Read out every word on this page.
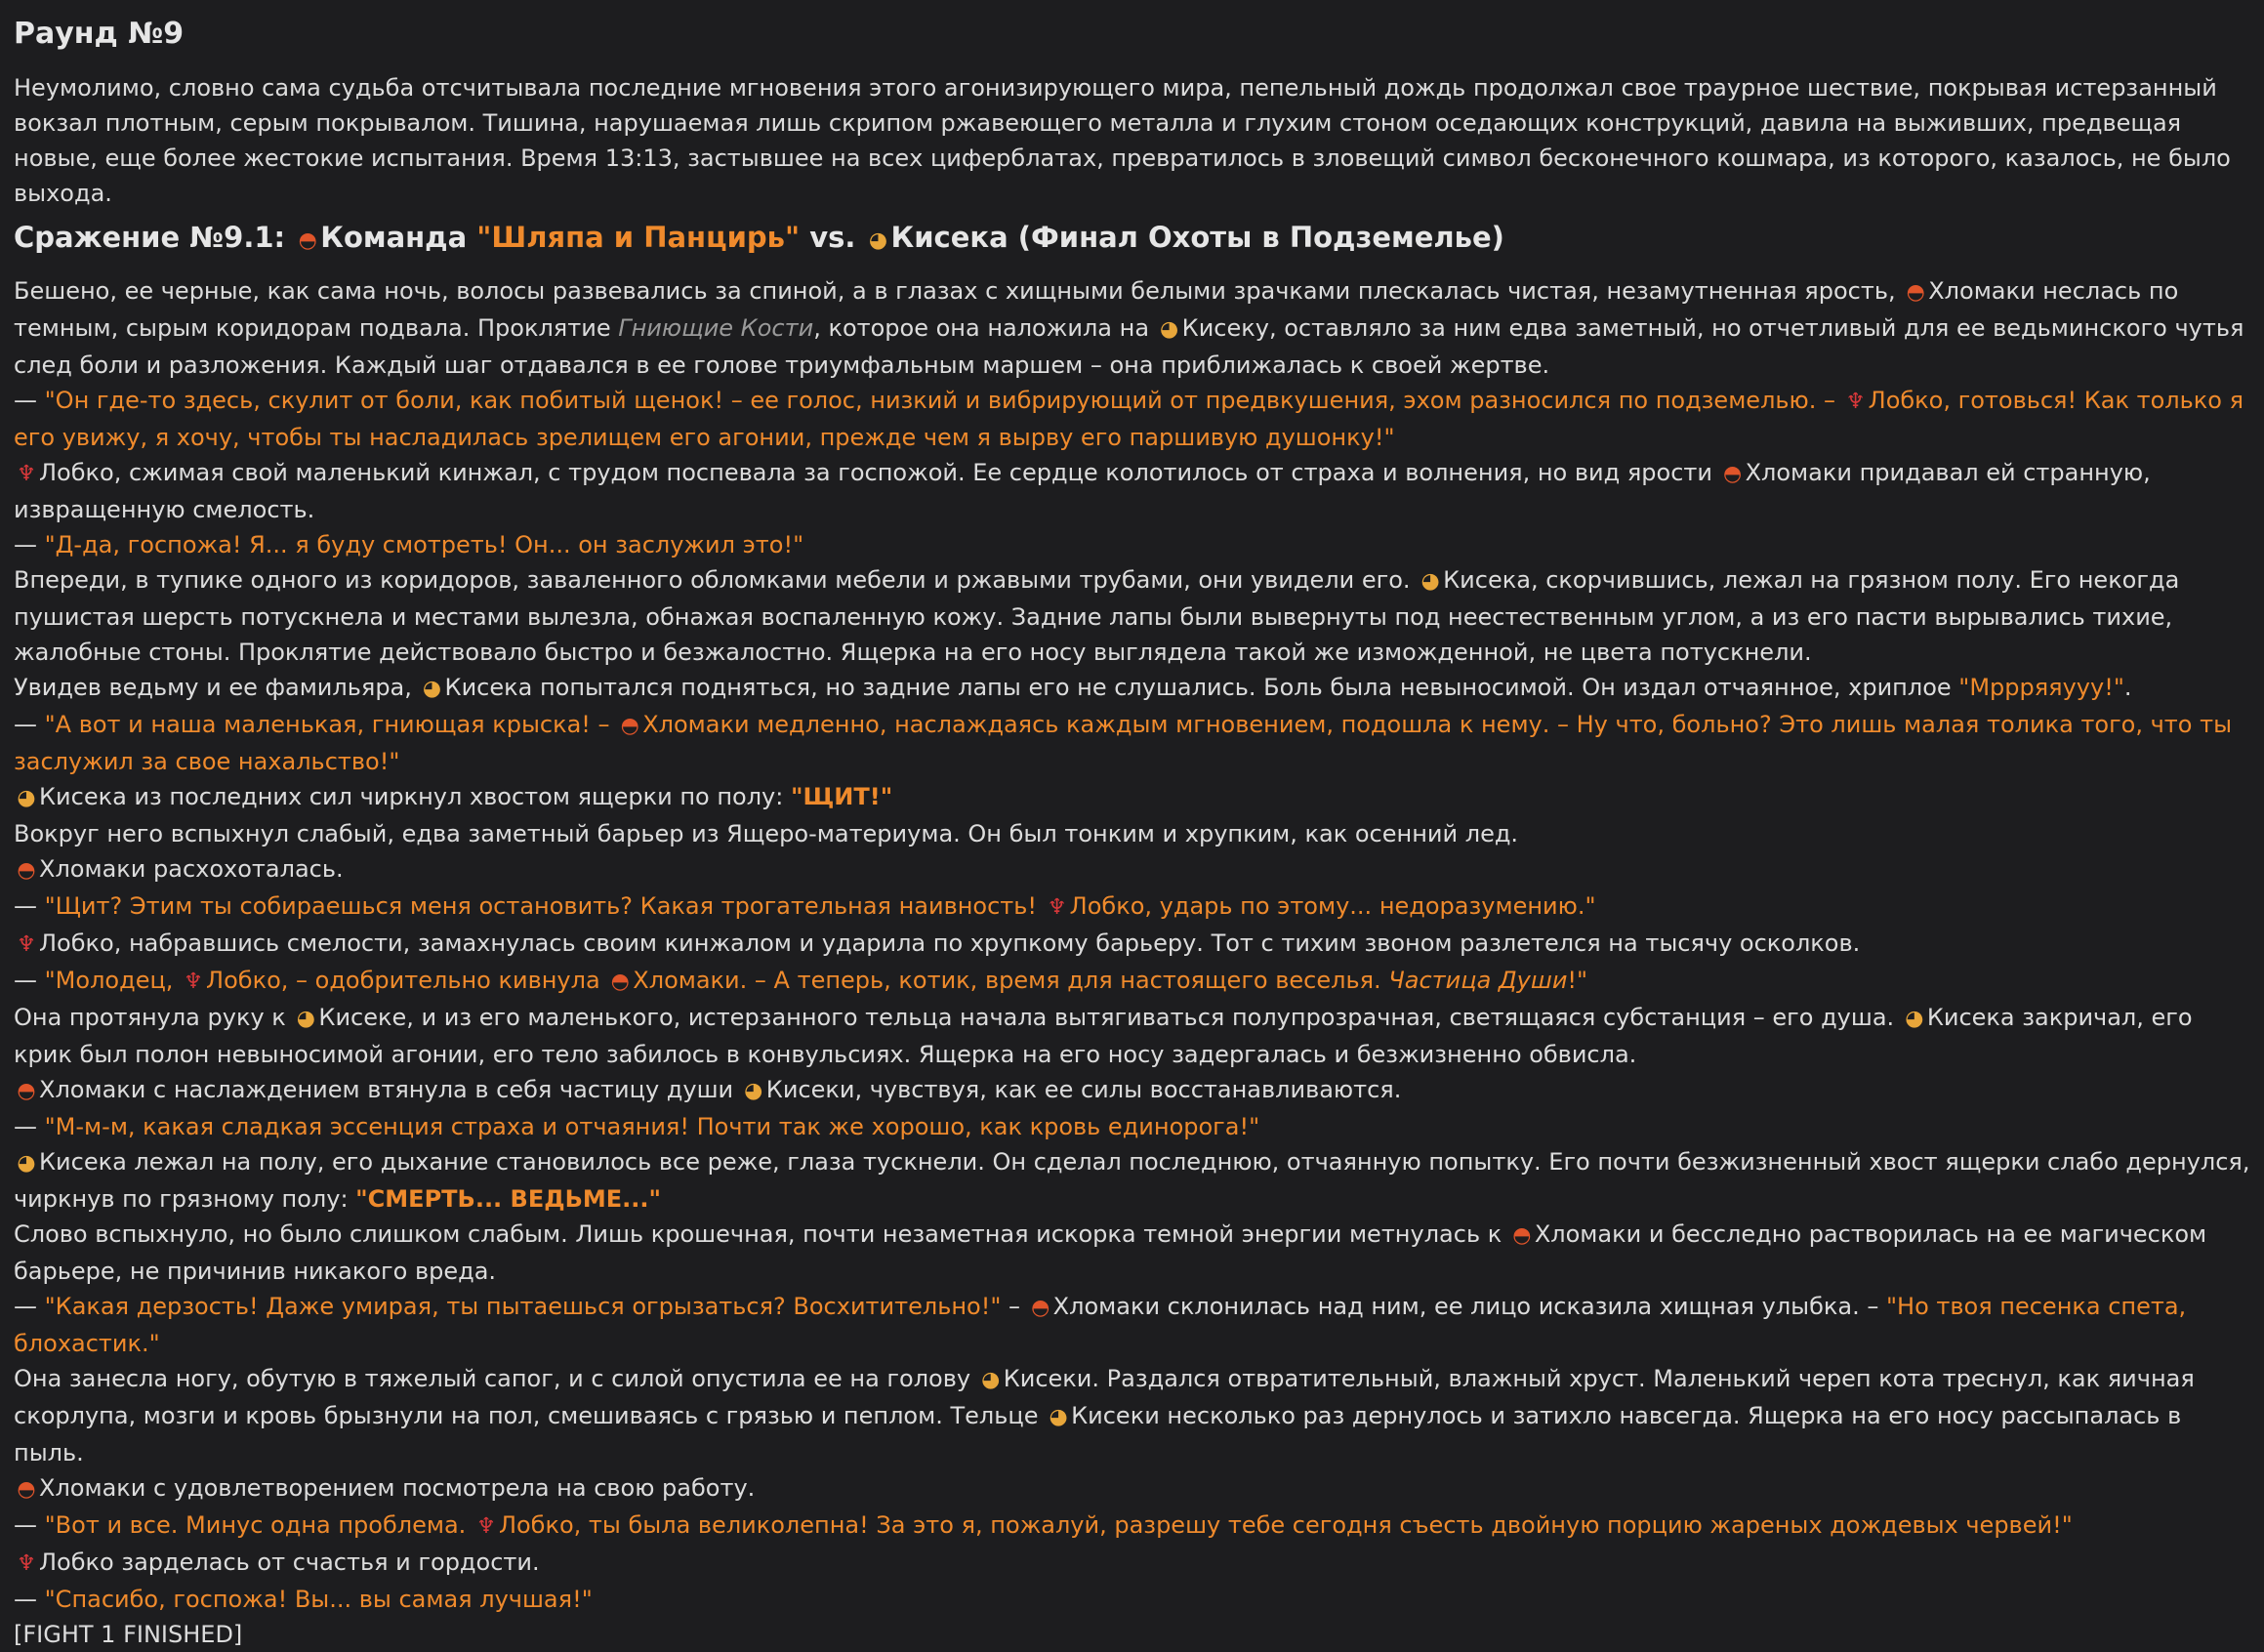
Раунд №9

Неумолимо, словно сама судьба отсчитывала последние мгновения этого агонизирующего мира, пепельный дождь продолжал свое траурное шествие, покрывая истерзанный вокзал плотным, серым покрывалом. Тишина, нарушаемая лишь скрипом ржавеющего металла и глухим стоном оседающих конструкций, давила на выживших, предвещая новые, еще более жестокие испытания. Время 13:13, застывшее на всех циферблатах, превратилось в зловещий символ бесконечного кошмара, из которого, казалось, не было выхода.

Сражение №9.1: ◓ Команда "Шляпа и Панцирь" vs. ◕ Кисека (Финал Охоты в Подземелье)

Бешено, ее черные, как сама ночь, волосы развевались за спиной, а в глазах с хищными белыми зрачками плескалась чистая, незамутненная ярость, ◓ Хломаки неслась по темным, сырым коридорам подвала. Проклятие Гниющие Кости, которое она наложила на ◕ Кисеку, оставляло за ним едва заметный, но отчетливый для ее ведьминского чутья след боли и разложения. Каждый шаг отдавался в ее голове триумфальным маршем – она приближалась к своей жертве.

— "Он где-то здесь, скулит от боли, как побитый щенок! – ее голос, низкий и вибрирующий от предвкушения, эхом разносился по подземелью. – ♆ Лобко, готовься! Как только я его увижу, я хочу, чтобы ты насладилась зрелищем его агонии, прежде чем я вырву его паршивую душонку!"

♆ Лобко, сжимая свой маленький кинжал, с трудом поспевала за госпожой. Ее сердце колотилось от страха и волнения, но вид ярости ◓ Хломаки придавал ей странную, извращенную смелость.

— "Д-да, госпожа! Я... я буду смотреть! Он... он заслужил это!"

Впереди, в тупике одного из коридоров, заваленного обломками мебели и ржавыми трубами, они увидели его. ◕ Кисека, скорчившись, лежал на грязном полу. Его некогда пушистая шерсть потускнела и местами вылезла, обнажая воспаленную кожу. Задние лапы были вывернуты под неестественным углом, а из его пасти вырывались тихие, жалобные стоны. Проклятие действовало быстро и безжалостно. Ящерка на его носу выглядела такой же изможденной, не цвета потускнели.

Увидев ведьму и ее фамильяра, ◕ Кисека попытался подняться, но задние лапы его не слушались. Боль была невыносимой. Он издал отчаянное, хриплое "Мррряяууу!".

— "А вот и наша маленькая, гниющая крыска! – ◓ Хломаки медленно, наслаждаясь каждым мгновением, подошла к нему. – Ну что, больно? Это лишь малая толика того, что ты заслужил за свое нахальство!"

◕ Кисека из последних сил чиркнул хвостом ящерки по полу: "ЩИТ!"

Вокруг него вспыхнул слабый, едва заметный барьер из Ящеро-материума. Он был тонким и хрупким, как осенний лед.

◓ Хломаки расхохоталась.

— "Щит? Этим ты собираешься меня остановить? Какая трогательная наивность! ♆ Лобко, ударь по этому... недоразумению."

♆ Лобко, набравшись смелости, замахнулась своим кинжалом и ударила по хрупкому барьеру. Тот с тихим звоном разлетелся на тысячу осколков.

— "Молодец, ♆ Лобко, – одобрительно кивнула ◓ Хломаки. – А теперь, котик, время для настоящего веселья. Частица Души!"

Она протянула руку к ◕ Кисеке, и из его маленького, истерзанного тельца начала вытягиваться полупрозрачная, светящаяся субстанция – его душа. ◕ Кисека закричал, его крик был полон невыносимой агонии, его тело забилось в конвульсиях. Ящерка на его носу задергалась и безжизненно обвисла.

◓ Хломаки с наслаждением втянула в себя частицу души ◕ Кисеки, чувствуя, как ее силы восстанавливаются.

— "М-м-м, какая сладкая эссенция страха и отчаяния! Почти так же хорошо, как кровь единорога!"

◕ Кисека лежал на полу, его дыхание становилось все реже, глаза тускнели. Он сделал последнюю, отчаянную попытку. Его почти безжизненный хвост ящерки слабо дернулся, чиркнув по грязному полу: "СМЕРТЬ... ВЕДЬМЕ..."

Слово вспыхнуло, но было слишком слабым. Лишь крошечная, почти незаметная искорка темной энергии метнулась к ◓ Хломаки и бесследно растворилась на ее магическом барьере, не причинив никакого вреда.

— "Какая дерзость! Даже умирая, ты пытаешься огрызаться? Восхитительно!" – ◓ Хломаки склонилась над ним, ее лицо исказила хищная улыбка. – "Но твоя песенка спета, блохастик."

Она занесла ногу, обутую в тяжелый сапог, и с силой опустила ее на голову ◕ Кисеки. Раздался отвратительный, влажный хруст. Маленький череп кота треснул, как яичная скорлупа, мозги и кровь брызнули на пол, смешиваясь с грязью и пеплом. Тельце ◕ Кисеки несколько раз дернулось и затихло навсегда. Ящерка на его носу рассыпалась в пыль.

◓ Хломаки с удовлетворением посмотрела на свою работу.

— "Вот и все. Минус одна проблема. ♆ Лобко, ты была великолепна! За это я, пожалуй, разрешу тебе сегодня съесть двойную порцию жареных дождевых червей!"

♆ Лобко зарделась от счастья и гордости.

— "Спасибо, госпожа! Вы... вы самая лучшая!"

[FIGHT 1 FINISHED]
